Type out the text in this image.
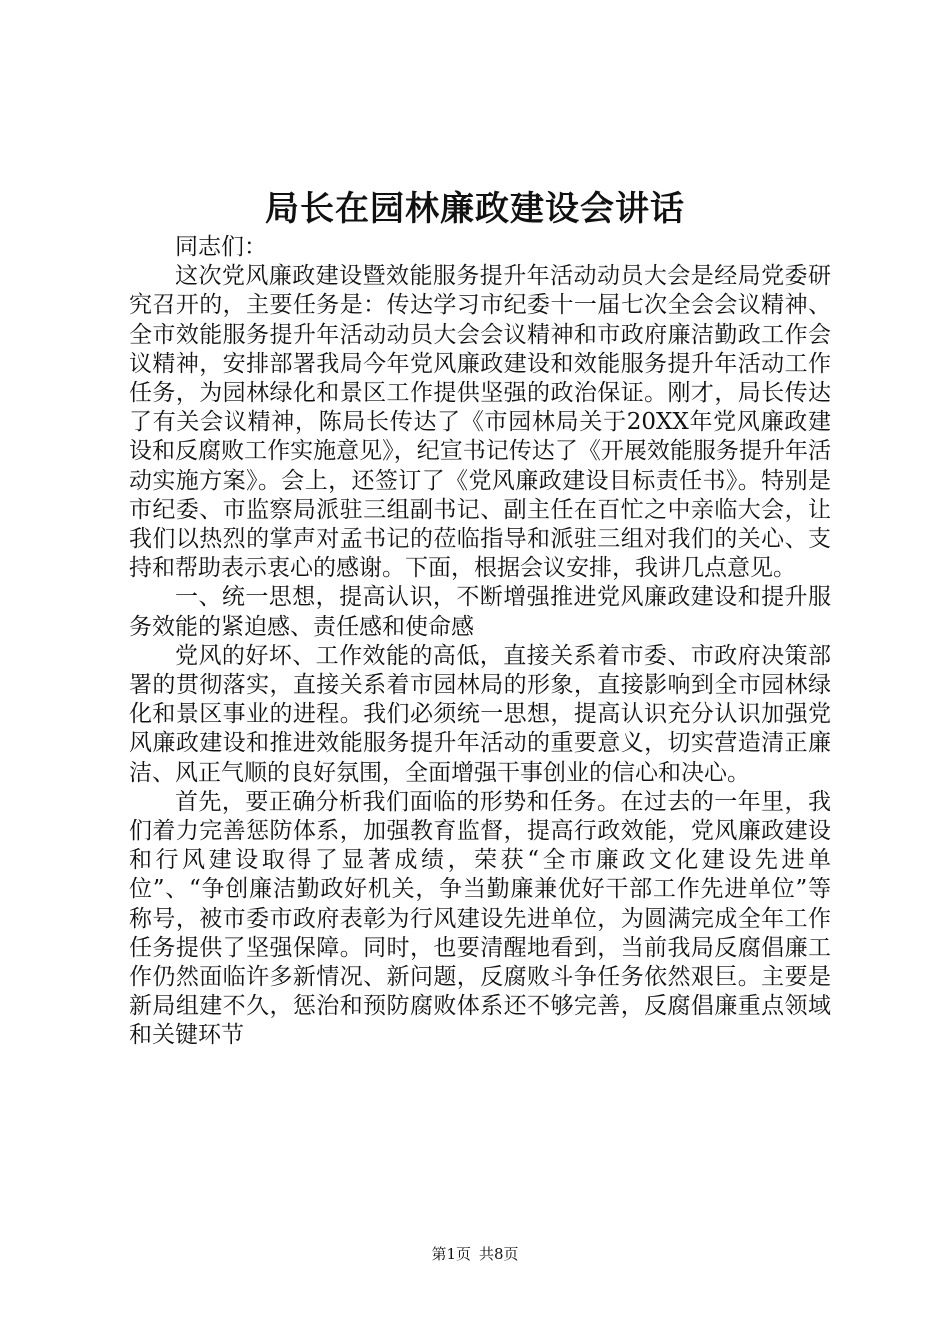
局长在园林廉政建设会讲话

同志们：

这次党风廉政建设暨效能服务提升年活动动员大会是经局党委研究召开的，主要任务是：传达学习市纪委十一届七次全会会议精神、全市效能服务提升年活动动员大会会议精神和市政府廉洁勤政工作会议精神，安排部署我局今年党风廉政建设和效能服务提升年活动工作任务，为园林绿化和景区工作提供坚强的政治保证。刚才，局长传达了有关会议精神，陈局长传达了《市园林局关于20XX年党风廉政建设和反腐败工作实施意见》，纪宣书记传达了《开展效能服务提升年活动实施方案》。会上，还签订了《党风廉政建设目标责任书》。特别是市纪委、市监察局派驻三组副书记、副主任在百忙之中亲临大会，让我们以热烈的掌声对孟书记的莅临指导和派驻三组对我们的关心、支持和帮助表示衷心的感谢。下面，根据会议安排，我讲几点意见。

一、统一思想，提高认识，不断增强推进党风廉政建设和提升服务效能的紧迫感、责任感和使命感

党风的好坏、工作效能的高低，直接关系着市委、市政府决策部署的贯彻落实，直接关系着市园林局的形象，直接影响到全市园林绿化和景区事业的进程。我们必须统一思想，提高认识充分认识加强党风廉政建设和推进效能服务提升年活动的重要意义，切实营造清正廉洁、风正气顺的良好氛围，全面增强干事创业的信心和决心。

首先，要正确分析我们面临的形势和任务。在过去的一年里，我们着力完善惩防体系，加强教育监督，提高行政效能，党风廉政建设和行风建设取得了显著成绩，荣获“全市廉政文化建设先进单位”、“争创廉洁勤政好机关，争当勤廉兼优好干部工作先进单位”等称号，被市委市政府表彰为行风建设先进单位，为圆满完成全年工作任务提供了坚强保障。同时，也要清醒地看到，当前我局反腐倡廉工作仍然面临许多新情况、新问题，反腐败斗争任务依然艰巨。主要是新局组建不久，惩治和预防腐败体系还不够完善，反腐倡廉重点领域和关键环节

第1页 共8页
